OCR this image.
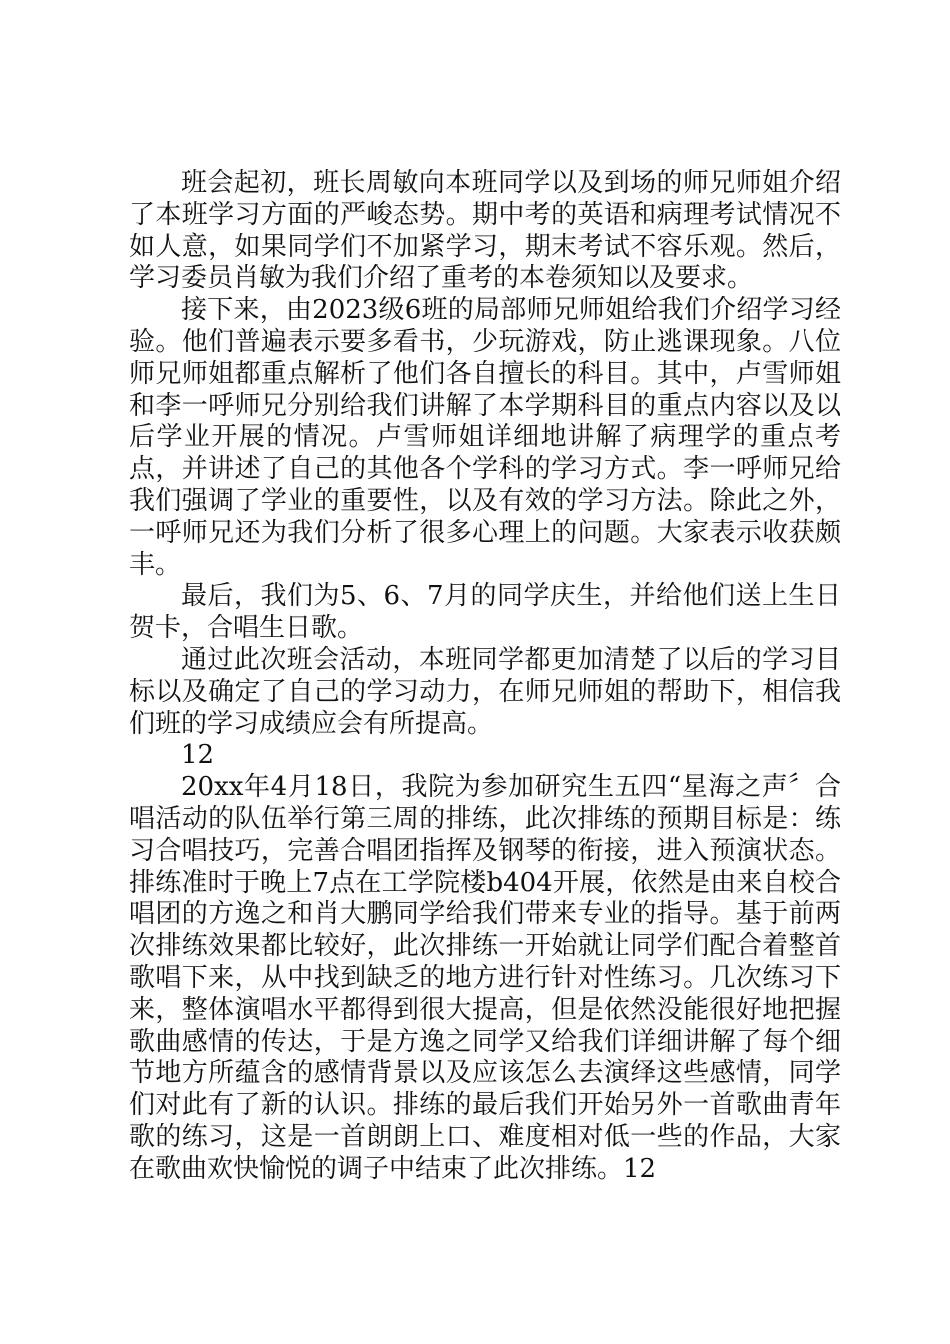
班会起初，班长周敏向本班同学以及到场的师兄师姐介绍了本班学习方面的严峻态势。期中考的英语和病理考试情况不如人意，如果同学们不加紧学习，期末考试不容乐观。然后，学习委员肖敏为我们介绍了重考的本卷须知以及要求。

接下来，由2023级6班的局部师兄师姐给我们介绍学习经验。他们普遍表示要多看书，少玩游戏，防止逃课现象。八位师兄师姐都重点解析了他们各自擅长的科目。其中，卢雪师姐和李一呼师兄分别给我们讲解了本学期科目的重点内容以及以后学业开展的情况。卢雪师姐详细地讲解了病理学的重点考点，并讲述了自己的其他各个学科的学习方式。李一呼师兄给我们强调了学业的重要性，以及有效的学习方法。除此之外，一呼师兄还为我们分析了很多心理上的问题。大家表示收获颇丰。

最后，我们为5、6、7月的同学庆生，并给他们送上生日贺卡，合唱生日歌。

通过此次班会活动，本班同学都更加清楚了以后的学习目标以及确定了自己的学习动力，在师兄师姐的帮助下，相信我们班的学习成绩应会有所提高。

12

20xx年4月18日，我院为参加研究生五四“星海之声〞合唱活动的队伍举行第三周的排练，此次排练的预期目标是：练习合唱技巧，完善合唱团指挥及钢琴的衔接，进入预演状态。排练准时于晚上7点在工学院楼b404开展，依然是由来自校合唱团的方逸之和肖大鹏同学给我们带来专业的指导。基于前两次排练效果都比较好，此次排练一开始就让同学们配合着整首歌唱下来，从中找到缺乏的地方进行针对性练习。几次练习下来，整体演唱水平都得到很大提高，但是依然没能很好地把握歌曲感情的传达，于是方逸之同学又给我们详细讲解了每个细节地方所蕴含的感情背景以及应该怎么去演绎这些感情，同学们对此有了新的认识。排练的最后我们开始另外一首歌曲青年歌的练习，这是一首朗朗上口、难度相对低一些的作品，大家在歌曲欢快愉悦的调子中结束了此次排练。12
